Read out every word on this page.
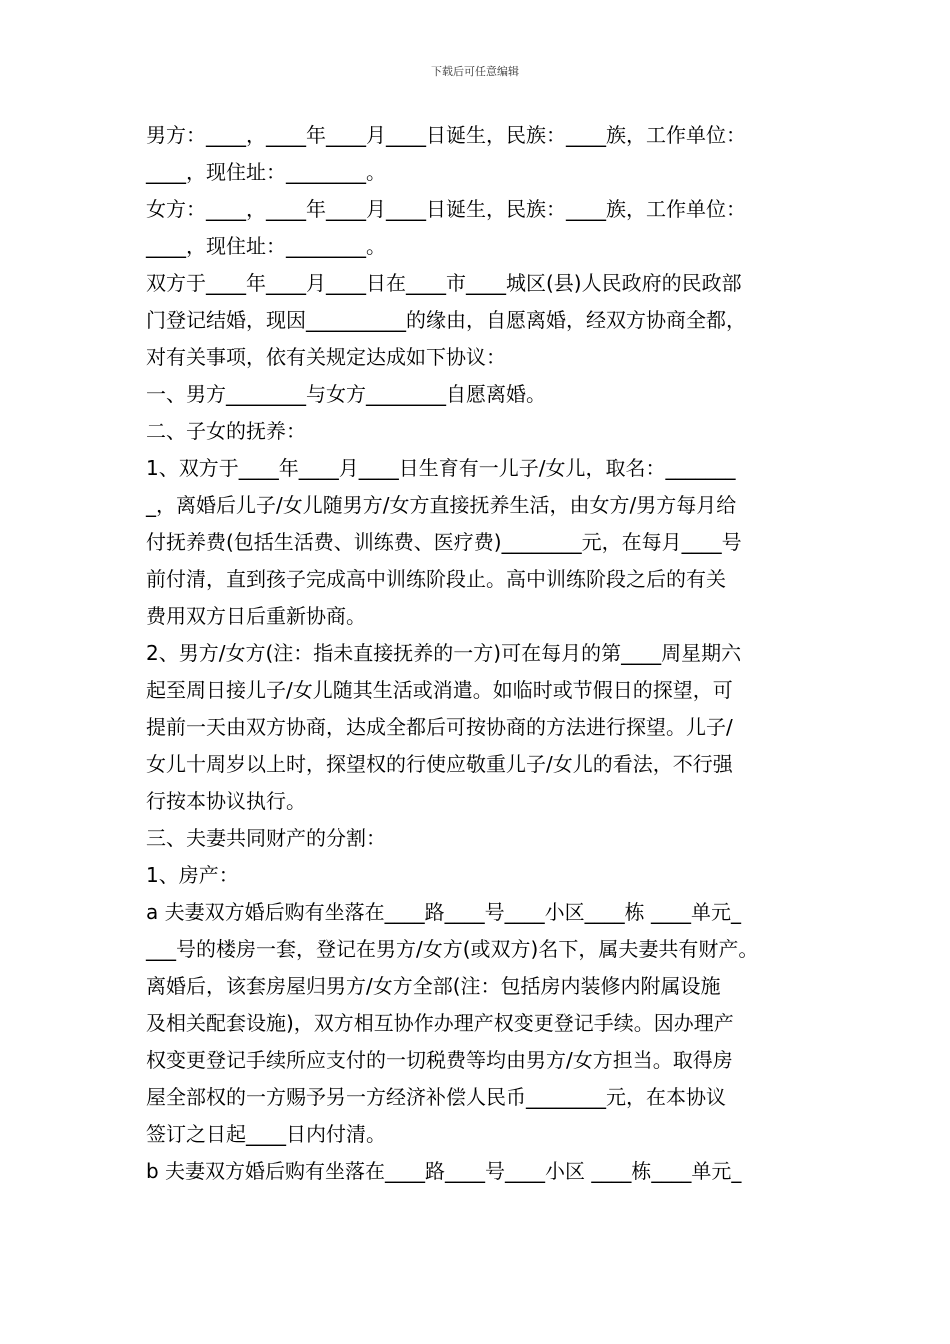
下载后可任意编辑
男方：____，____年____月____日诞生，民族：____族，工作单位：
____，现住址：________。
女方：____，____年____月____日诞生，民族：____族，工作单位：
____，现住址：________。
双方于____年____月____日在____市____城区(县)人民政府的民政部
门登记结婚，现因__________的缘由，自愿离婚，经双方协商全都，
对有关事项，依有关规定达成如下协议：
一、男方________与女方________自愿离婚。
二、子女的抚养：
1、双方于____年____月____日生育有一儿子/女儿，取名：_______
_，离婚后儿子/女儿随男方/女方直接抚养生活，由女方/男方每月给
付抚养费(包括生活费、训练费、医疗费)________元，在每月____号
前付清，直到孩子完成高中训练阶段止。高中训练阶段之后的有关
费用双方日后重新协商。
2、男方/女方(注：指未直接抚养的一方)可在每月的第____周星期六
起至周日接儿子/女儿随其生活或消遣。如临时或节假日的探望，可
提前一天由双方协商，达成全都后可按协商的方法进行探望。儿子/
女儿十周岁以上时，探望权的行使应敬重儿子/女儿的看法，不行强
行按本协议执行。
三、夫妻共同财产的分割：
1、房产：
a 夫妻双方婚后购有坐落在____路____号____小区____栋 ____单元_
___号的楼房一套，登记在男方/女方(或双方)名下，属夫妻共有财产。
离婚后，该套房屋归男方/女方全部(注：包括房内装修内附属设施
及相关配套设施)，双方相互协作办理产权变更登记手续。因办理产
权变更登记手续所应支付的一切税费等均由男方/女方担当。取得房
屋全部权的一方赐予另一方经济补偿人民币________元，在本协议
签订之日起____日内付清。
b 夫妻双方婚后购有坐落在____路____号____小区 ____栋____单元_
